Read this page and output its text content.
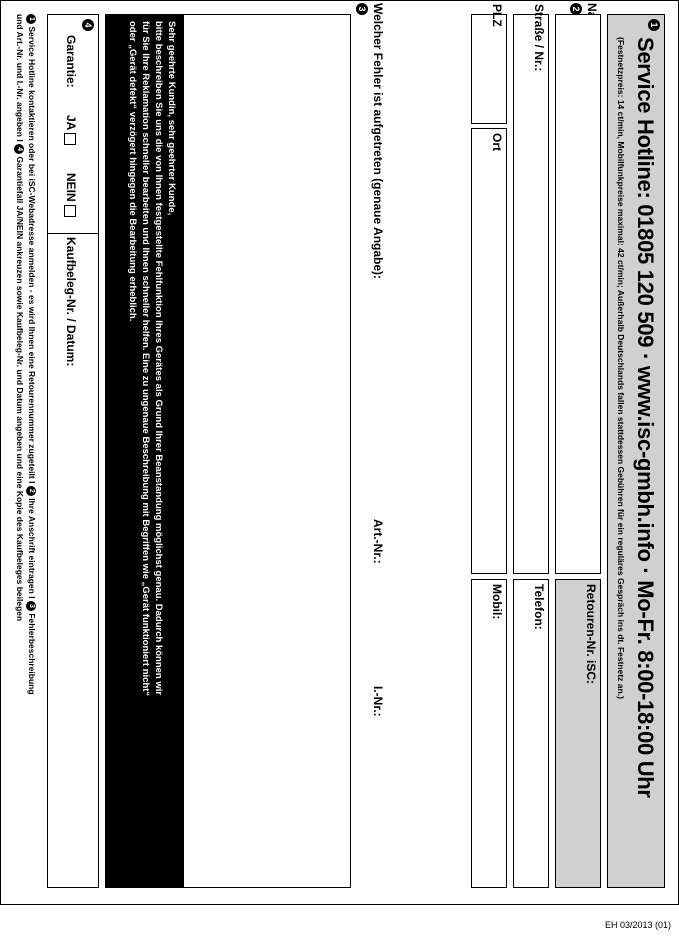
1
Service Hotline: 01805 120 509 · www.isc-gmbh.info · Mo-Fr. 8:00-18:00 Uhr
(Festnetzpreis: 14 ct/min, Mobilfunkpreise maximal: 42 ct/min; Außerhalb Deutschlands fallen stattdessen Gebühren für ein reguläres Gespräch ins dt. Festnetz an.)
2
Retouren-Nr. iSC:
Straße / Nr.:
Telefon:
PLZ
Ort
Mobil:
Welcher Fehler ist aufgetreten (genaue Angabe):
3
Art.-Nr.:
I.-Nr.:
Sehr geehrte Kundin, sehr geehrter Kunde,
bitte beschreiben Sie uns die von Ihnen festgestellte Fehlfunktion Ihres Gerätes als Grund Ihrer Beanstandung möglichst genau. Dadurch können wir
für Sie Ihre Reklamation schneller bearbeiten und Ihnen schneller helfen. Eine zu ungenaue Beschreibung mit Begriffen wie „Gerät funktioniert nicht“
oder „Gerät defekt“ verzögert hingegen die Bearbeitung erheblich.
4
Garantie:
JA
NEIN
Kaufbeleg-Nr. / Datum:
1 Service Hotline kontaktieren oder bei iSC-Webadresse anmelden - es wird Ihnen eine Retourennummer zugeteilt I 2 Ihre Anschrift eintragen I 3 Fehlerbeschreibung
und Art.-Nr. und I.-Nr. angeben I 4 Garantiefall JA/NEIN ankreuzen sowie Kaufbeleg-Nr. und Datum angeben und eine Kopie des Kaufbeleges beilegen
EH 03/2013 (01)
